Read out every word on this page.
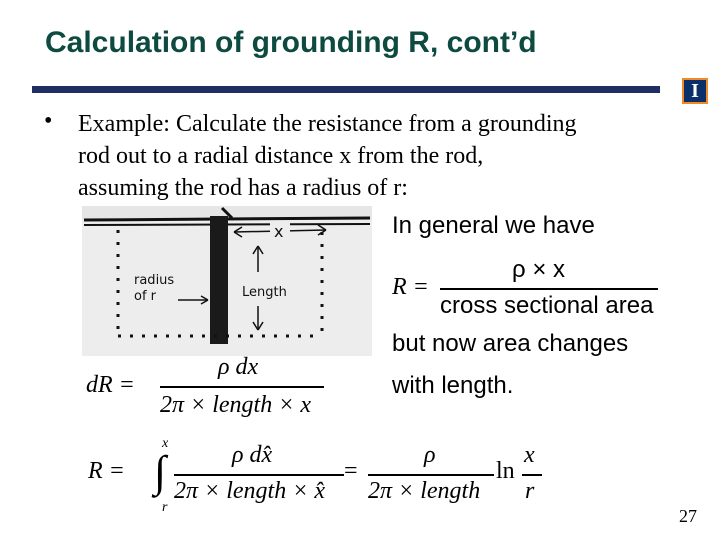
Calculation of grounding R, cont’d
I
• Example: Calculate the resistance from a grounding
rod out to a radial distance x from the rod,
assuming the rod has a radius of r:
x
radius
of r	Length
In general we have
R =
ρ × x
cross sectional area
but now area changes
with length.
dR =
ρ dx
2π × length × x
R =
x
∫
r
ρ dx̂
2π × length × x̂
=
ρ
2π × length
ln
x
r
27
